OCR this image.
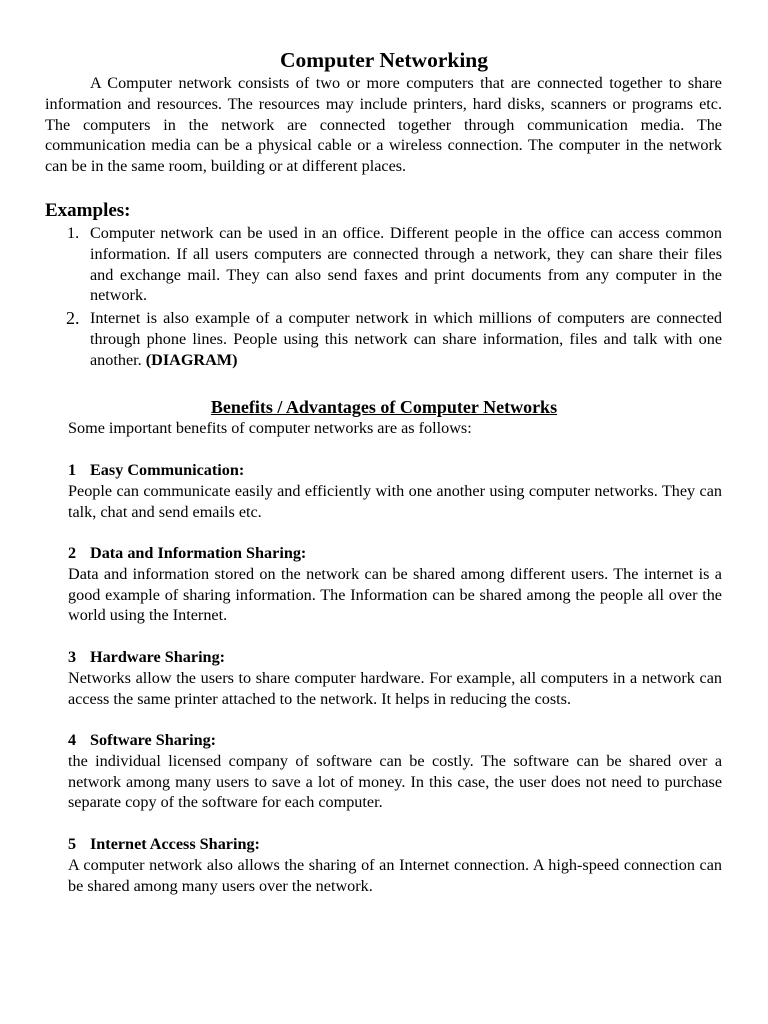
Computer Networking

A Computer network consists of two or more computers that are connected together to share information and resources. The resources may include printers, hard disks, scanners or programs etc. The computers in the network are connected together through communication media. The communication media can be a physical cable or a wireless connection. The computer in the network can be in the same room, building or at different places.

Examples:
1. Computer network can be used in an office. Different people in the office can access common information. If all users computers are connected through a network, they can share their files and exchange mail. They can also send faxes and print documents from any computer in the network.
2. Internet is also example of a computer network in which millions of computers are connected through phone lines. People using this network can share information, files and talk with one another. (DIAGRAM)
Benefits / Advantages of Computer Networks
Some important benefits of computer networks are as follows:
1 Easy Communication:

People can communicate easily and efficiently with one another using computer networks. They can talk, chat and send emails etc.

2 Data and Information Sharing:

Data and information stored on the network can be shared among different users. The internet is a good example of sharing information. The Information can be shared among the people all over the world using the Internet.

3 Hardware Sharing:

Networks allow the users to share computer hardware. For example, all computers in a network can access the same printer attached to the network. It helps in reducing the costs.

4 Software Sharing:

the individual licensed company of software can be costly. The software can be shared over a network among many users to save a lot of money. In this case, the user does not need to purchase separate copy of the software for each computer.

5 Internet Access Sharing:

A computer network also allows the sharing of an Internet connection. A high-speed connection can be shared among many users over the network.
